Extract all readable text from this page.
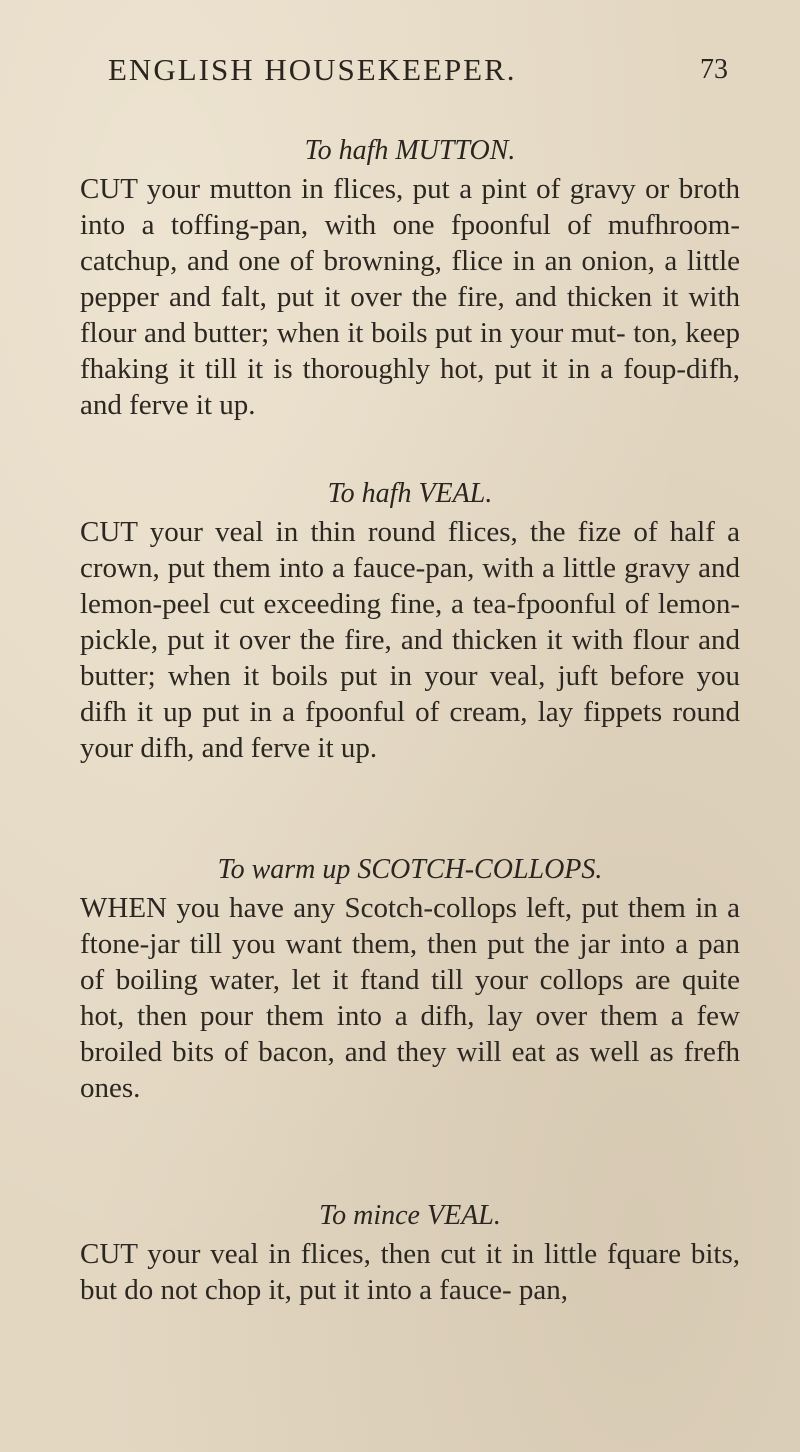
ENGLISH HOUSEKEEPER.	73
To hafh MUTTON.

CUT your mutton in flices, put a pint of gravy or broth into a toffing-pan, with one fpoonful of mufhroom-catchup, and one of browning, flice in an onion, a little pepper and falt, put it over the fire, and thicken it with flour and butter; when it boils put in your mut- ton, keep fhaking it till it is thoroughly hot, put it in a foup-difh, and ferve it up.

To hafh VEAL.

CUT your veal in thin round flices, the fize of half a crown, put them into a fauce-pan, with a little gravy and lemon-peel cut exceeding fine, a tea-fpoonful of lemon-pickle, put it over the fire, and thicken it with flour and butter; when it boils put in your veal, juft before you difh it up put in a fpoonful of cream, lay fippets round your difh, and ferve it up.

To warm up SCOTCH-COLLOPS.

WHEN you have any Scotch-collops left, put them in a ftone-jar till you want them, then put the jar into a pan of boiling water, let it ftand till your collops are quite hot, then pour them into a difh, lay over them a few broiled bits of bacon, and they will eat as well as frefh ones.

To mince VEAL.

CUT your veal in flices, then cut it in little fquare bits, but do not chop it, put it into a fauce- pan,
